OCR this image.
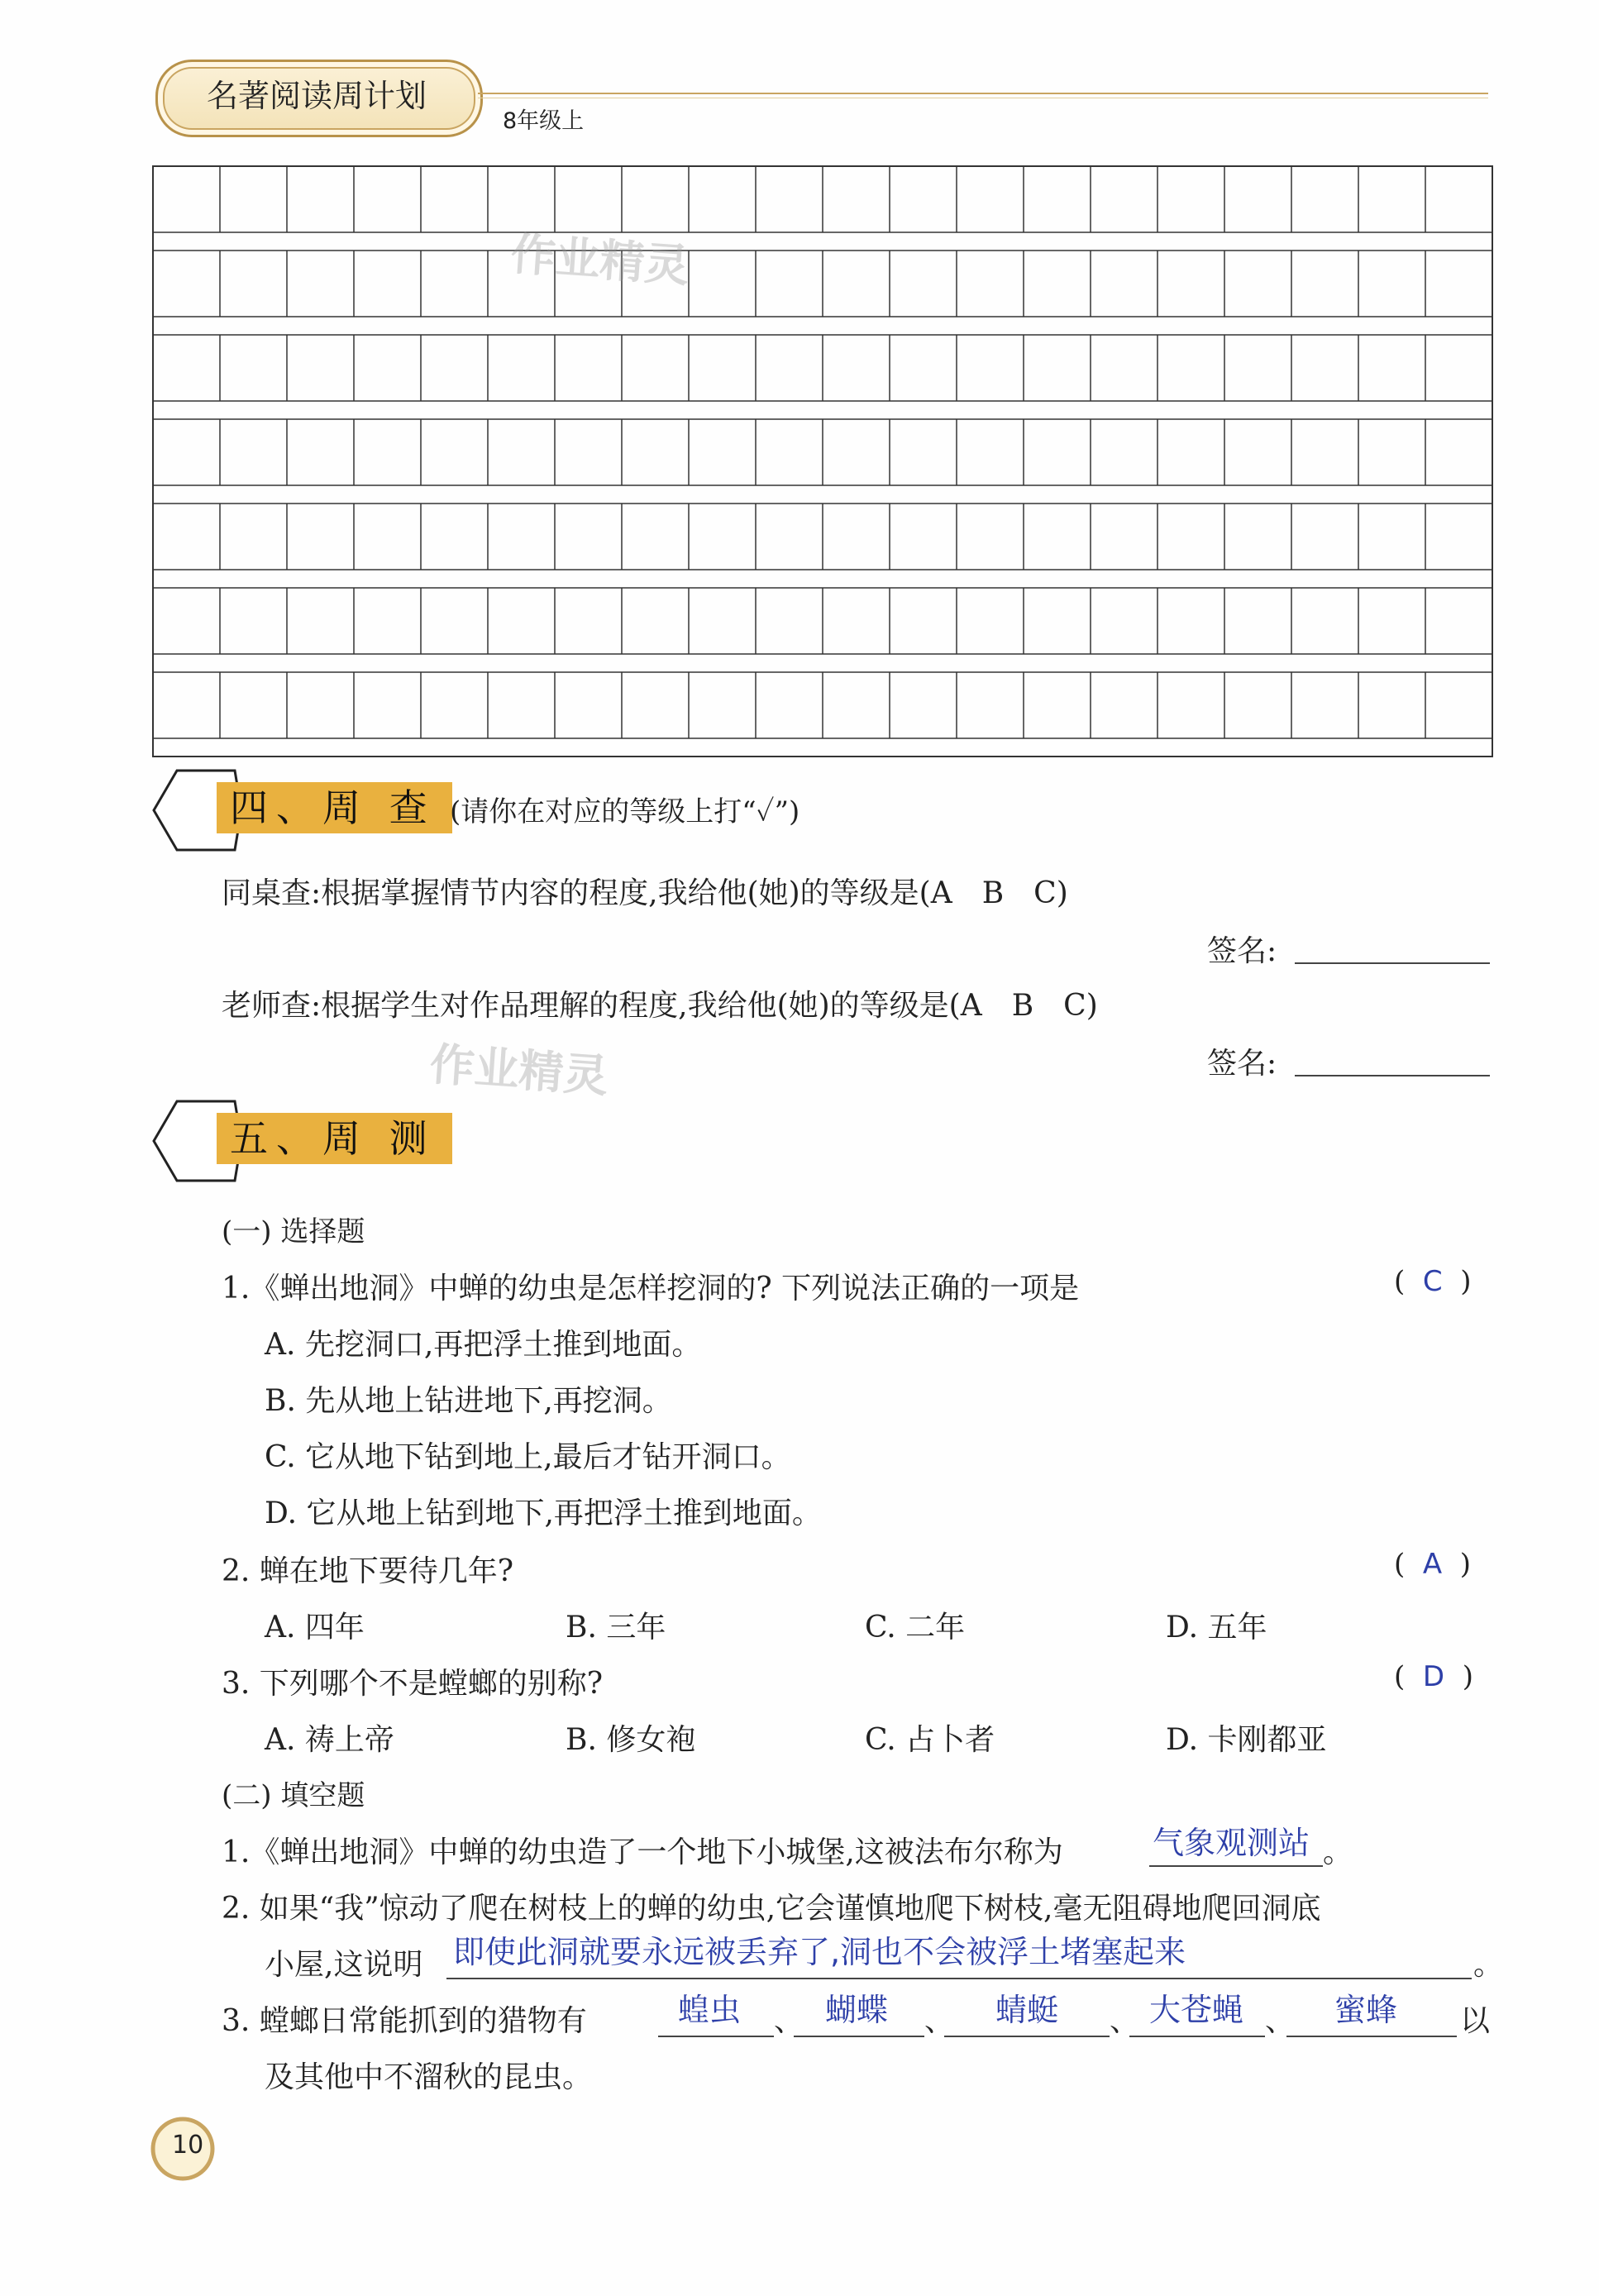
名著阅读周计划
8年级上
作业精灵
作业精灵
四、周 查 (请你在对应的等级上打“✓”)
同桌查:根据掌握情节内容的程度,我给他(她)的等级是(A　B　C)
签名:
老师查:根据学生对作品理解的程度,我给他(她)的等级是(A　B　C)
签名:
五、周 测
(一) 选择题
1.《蝉出地洞》中蝉的幼虫是怎样挖洞的? 下列说法正确的一项是	(  C  )
A. 先挖洞口,再把浮土推到地面。
B. 先从地上钻进地下,再挖洞。
C. 它从地下钻到地上,最后才钻开洞口。
D. 它从地上钻到地下,再把浮土推到地面。
2. 蝉在地下要待几年?	(  A  )
A. 四年	B. 三年	C. 二年	D. 五年
3. 下列哪个不是螳螂的别称?	(  D  )
A. 祷上帝	B. 修女袍	C. 占卜者	D. 卡刚都亚
(二) 填空题
1.《蝉出地洞》中蝉的幼虫造了一个地下小城堡,这被法布尔称为	气象观测站 。
2. 如果“我”惊动了爬在树枝上的蝉的幼虫,它会谨慎地爬下树枝,毫无阻碍地爬回洞底
小屋,这说明 即使此洞就要永远被丢弃了,洞也不会被浮土堵塞起来	。
3. 螳螂日常能抓到的猎物有	蝗虫 、 蝴蝶 、 蜻蜓 、 大苍蝇 、 蜜蜂 以
及其他中不溜秋的昆虫。
10
